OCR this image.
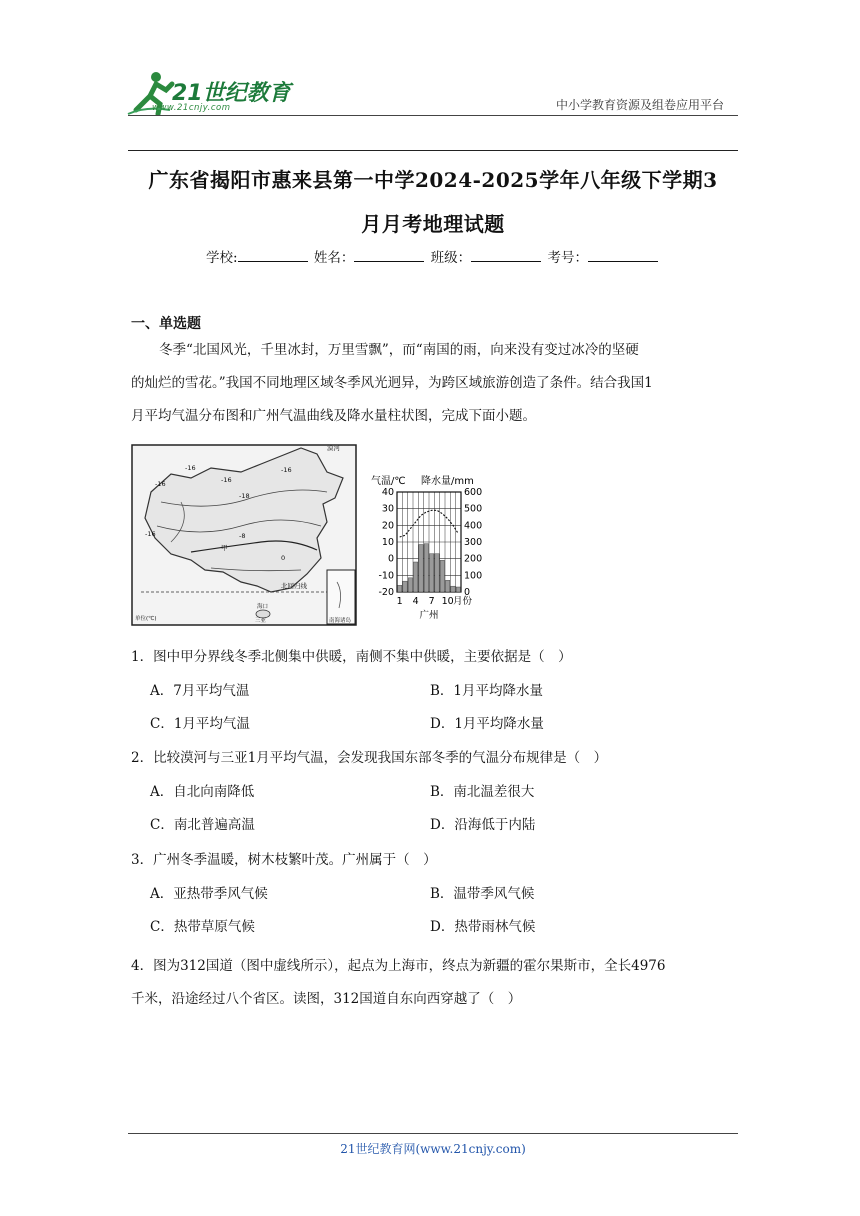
21世纪教育
www.21cnjy.com	中小学教育资源及组卷应用平台
广东省揭阳市惠来县第一中学2024-2025学年八年级下学期3
月月考地理试题
学校:	姓名：	班级：	考号：
一、单选题
冬季“北国风光，千里冰封，万里雪飘”，而“南国的雨，向来没有变过冰冷的坚硬
的灿烂的雪花。”我国不同地理区域冬季风光迥异，为跨区域旅游创造了条件。结合我国1
月平均气温分布图和广州气温曲线及降水量柱状图，完成下面小题。
漠河
-16
-16	-16
-18
-16
-16
-8
0
甲
北回归线
海口
三亚
单位(℃)	南海诸岛
气温/℃ 降水量/mm
40
30
20
10
0
-10
-20
600
500
400
300
200
100
0
1 4 7 10 月份
广州
1．图中甲分界线冬季北侧集中供暖，南侧不集中供暖，主要依据是（　）
A．7月平均气温	B．1月平均降水量
C．1月平均气温	D．1月平均降水量
2．比较漠河与三亚1月平均气温，会发现我国东部冬季的气温分布规律是（　）
A．自北向南降低	B．南北温差很大
C．南北普遍高温	D．沿海低于内陆
3．广州冬季温暖，树木枝繁叶茂。广州属于（　）
A．亚热带季风气候	B．温带季风气候
C．热带草原气候	D．热带雨林气候
4．图为312国道（图中虚线所示），起点为上海市，终点为新疆的霍尔果斯市，全长4976
千米，沿途经过八个省区。读图，312国道自东向西穿越了（　）
21世纪教育网(www.21cnjy.com)
